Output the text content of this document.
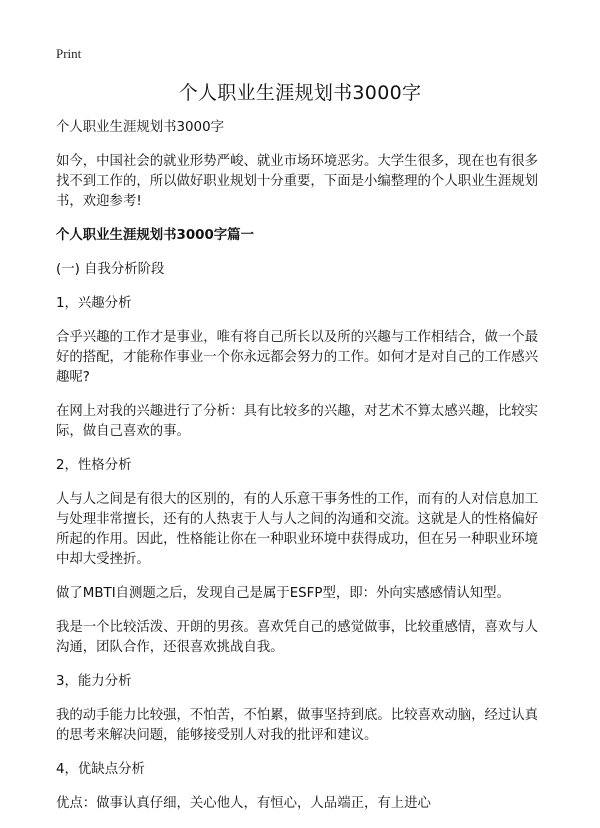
Print
个人职业生涯规划书3000字

个人职业生涯规划书3000字

如今，中国社会的就业形势严峻、就业市场环境恶劣。大学生很多，现在也有很多找不到工作的，所以做好职业规划十分重要，下面是小编整理的个人职业生涯规划书，欢迎参考!

个人职业生涯规划书3000字篇一

(一) 自我分析阶段

1，兴趣分析

合乎兴趣的工作才是事业，唯有将自己所长以及所的兴趣与工作相结合，做一个最好的搭配，才能称作事业一个你永远都会努力的工作。如何才是对自己的工作感兴趣呢?

在网上对我的兴趣进行了分析：具有比较多的兴趣，对艺术不算太感兴趣，比较实际，做自己喜欢的事。

2，性格分析

人与人之间是有很大的区别的，有的人乐意干事务性的工作，而有的人对信息加工与处理非常擅长，还有的人热衷于人与人之间的沟通和交流。这就是人的性格偏好所起的作用。因此，性格能让你在一种职业环境中获得成功，但在另一种职业环境中却大受挫折。

做了MBTI自测题之后，发现自己是属于ESFP型，即：外向实感感情认知型。

我是一个比较活泼、开朗的男孩。喜欢凭自己的感觉做事，比较重感情，喜欢与人沟通，团队合作，还很喜欢挑战自我。

3，能力分析

我的动手能力比较强，不怕苦，不怕累，做事坚持到底。比较喜欢动脑，经过认真的思考来解决问题，能够接受别人对我的批评和建议。

4，优缺点分析

优点：做事认真仔细，关心他人，有恒心，人品端正，有上进心
